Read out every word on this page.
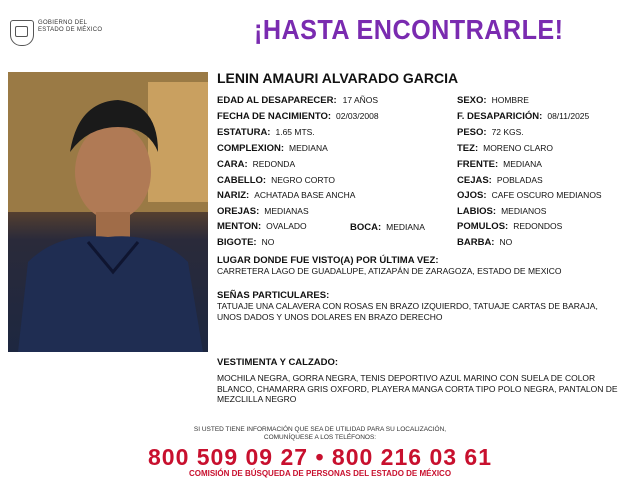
GOBIERNO DEL
ESTADO DE MÉXICO	¡HASTA ENCONTRARLE!
LENIN AMAURI ALVARADO GARCIA
EDAD AL DESAPARECER: 17 AÑOS
FECHA DE NACIMIENTO: 02/03/2008
ESTATURA: 1.65 MTS.
COMPLEXION: MEDIANA
CARA: REDONDA
CABELLO: NEGRO CORTO
NARIZ: ACHATADA BASE ANCHA
OREJAS: MEDIANAS
MENTON: OVALADO
BIGOTE: NO
BOCA: MEDIANA
SEXO: HOMBRE
F. DESAPARICIÓN: 08/11/2025
PESO: 72 KGS.
TEZ: MORENO CLARO
FRENTE: MEDIANA
CEJAS: POBLADAS
OJOS: CAFE OSCURO MEDIANOS
LABIOS: MEDIANOS
POMULOS: REDONDOS
BARBA: NO
LUGAR DONDE FUE VISTO(A) POR ÚLTIMA VEZ:
CARRETERA LAGO DE GUADALUPE, ATIZAPÁN DE ZARAGOZA, ESTADO DE MEXICO
SEÑAS PARTICULARES:
TATUAJE UNA CALAVERA CON ROSAS EN BRAZO IZQUIERDO, TATUAJE CARTAS DE BARAJA, UNOS DADOS Y UNOS DOLARES EN BRAZO DERECHO
VESTIMENTA Y CALZADO:
MOCHILA NEGRA, GORRA NEGRA, TENIS DEPORTIVO AZUL MARINO CON SUELA DE COLOR BLANCO, CHAMARRA GRIS OXFORD, PLAYERA MANGA CORTA TIPO POLO NEGRA, PANTALON DE MEZCLILLA NEGRO
SI USTED TIENE INFORMACIÓN QUE SEA DE UTILIDAD PARA SU LOCALIZACIÓN,
COMUNÍQUESE A LOS TELÉFONOS:
800 509 09 27 • 800 216 03 61
COMISIÓN DE BÚSQUEDA DE PERSONAS DEL ESTADO DE MÉXICO
